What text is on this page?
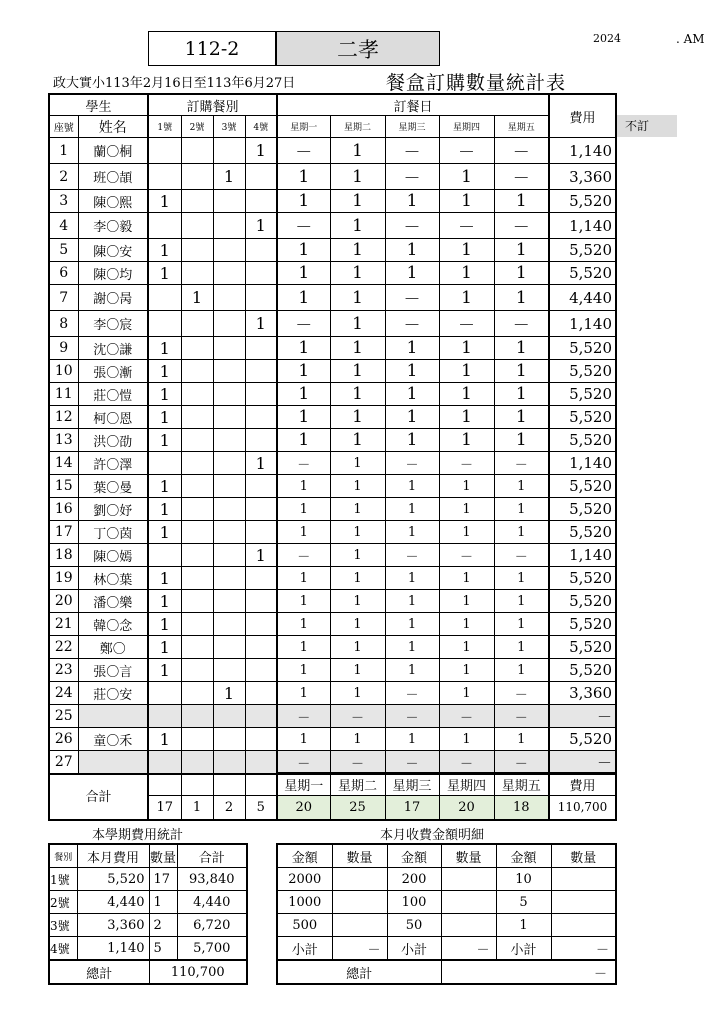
112-2	二孝	2024	. AM
政大實小113年2月16日至113年6月27日	餐盒訂購數量統計表
不訂
學生		訂購餐別				訂餐日					費用
座號	姓名	1號	2號	3號	4號	星期一	星期二	星期三	星期四	星期五	
1	蘭〇桐				1	－	1	－	－	－	1,140
2	班〇頡			1		1	1	－	1	－	3,360
3	陳〇熙	1				1	1	1	1	1	5,520
4	李〇毅				1	－	1	－	－	－	1,140
5	陳〇安	1				1	1	1	1	1	5,520
6	陳〇均	1				1	1	1	1	1	5,520
7	謝〇昺		1			1	1	－	1	1	4,440
8	李〇宸				1	－	1	－	－	－	1,140
9	沈〇謙	1				1	1	1	1	1	5,520
10	張〇漸	1				1	1	1	1	1	5,520
11	莊〇愷	1				1	1	1	1	1	5,520
12	柯〇恩	1				1	1	1	1	1	5,520
13	洪〇劭	1				1	1	1	1	1	5,520
14	許〇澤				1	－	1	－	－	－	1,140
15	葉〇曼	1				1	1	1	1	1	5,520
16	劉〇妤	1				1	1	1	1	1	5,520
17	丁〇茵	1				1	1	1	1	1	5,520
18	陳〇嫣				1	－	1	－	－	－	1,140
19	林〇葉	1				1	1	1	1	1	5,520
20	潘〇樂	1				1	1	1	1	1	5,520
21	韓〇念	1				1	1	1	1	1	5,520
22	鄭〇	1				1	1	1	1	1	5,520
23	張〇言	1				1	1	1	1	1	5,520
24	莊〇安			1		1	1	－	1	－	3,360
25						－	－	－	－	－	－
26	童〇禾	1				1	1	1	1	1	5,520
27						－	－	－	－	－	－
合計					星期一	星期二	星期三	星期四	星期五	費用
	17	1	2	5	20	25	17	20	18	110,700
本學期費用統計	本月收費金額明細
餐別	本月費用	數量	合計
1號	5,520	17	93,840
2號	4,440	1	4,440
3號	3,360	2	6,720
4號	1,140	5	5,700
總計		110,700	
金額	數量	金額	數量	金額	數量
2000		200		10	
1000		100		5	
500		50		1	
小計	－	小計	－	小計	－
總計			－		
